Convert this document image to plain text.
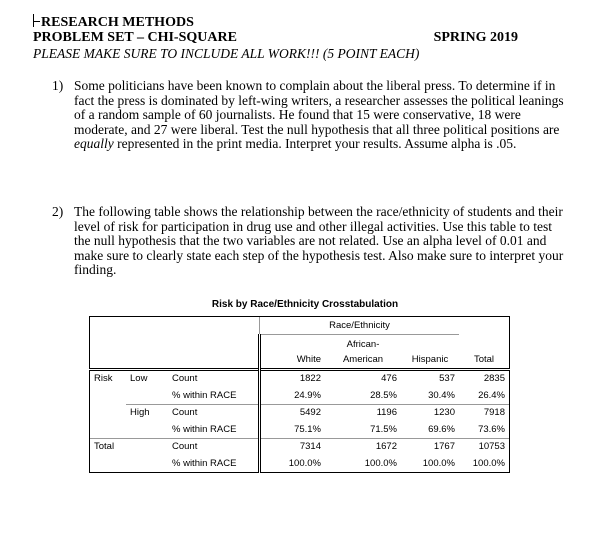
RESEARCH METHODS
PROBLEM SET – CHI-SQUARE	SPRING 2019
PLEASE MAKE SURE TO INCLUDE ALL WORK!!! (5 POINT EACH)
1) Some politicians have been known to complain about the liberal press. To determine if in fact the press is dominated by left-wing writers, a researcher assesses the political leanings of a random sample of 60 journalists. He found that 15 were conservative, 18 were moderate, and 27 were liberal. Test the null hypothesis that all three political positions are equally represented in the print media. Interpret your results. Assume alpha is .05.
2) The following table shows the relationship between the race/ethnicity of students and their level of risk for participation in drug use and other illegal activities. Use this table to test the null hypothesis that the two variables are not related. Use an alpha level of 0.01 and make sure to clearly state each step of the hypothesis test. Also make sure to interpret your finding.
Risk by Race/Ethnicity Crosstabulation
			Race/Ethnicity			
				African-		
			White	American	Hispanic	Total
Risk	Low	Count	1822	476	537	2835
		% within RACE	24.9%	28.5%	30.4%	26.4%
	High	Count	5492	1196	1230	7918
		% within RACE	75.1%	71.5%	69.6%	73.6%
Total		Count	7314	1672	1767	10753
		% within RACE	100.0%	100.0%	100.0%	100.0%
